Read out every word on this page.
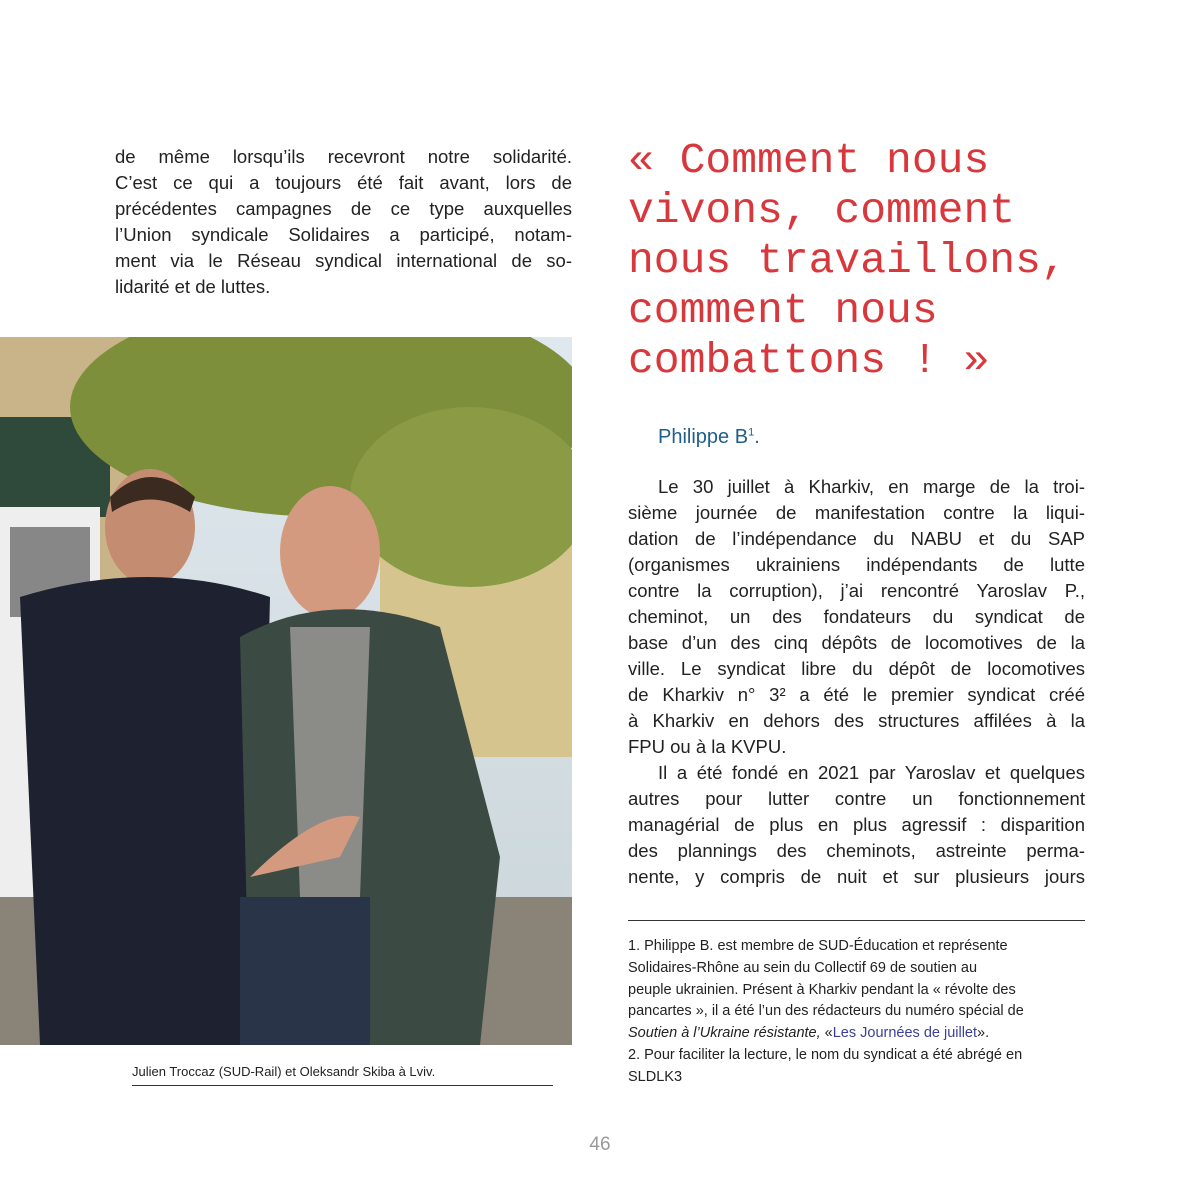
de même lorsqu’ils recevront notre solidarité.
C’est ce qui a toujours été fait avant, lors de
précédentes campagnes de ce type auxquelles
l’Union syndicale Solidaires a participé, notam-
ment via le Réseau syndical international de so-
lidarité et de luttes.
Julien Troccaz (SUD-Rail) et Oleksandr Skiba à Lviv.
« Comment nous
vivons, comment
nous travaillons,
comment nous
combattons ! »
Philippe $B^1$.
Le 30 juillet à Kharkiv, en marge de la troi-
sième journée de manifestation contre la liqui-
dation de l’indépendance du NABU et du SAP
(organismes ukrainiens indépendants de lutte
contre la corruption), j’ai rencontré Yaroslav P.,
cheminot, un des fondateurs du syndicat de
base d’un des cinq dépôts de locomotives de la
ville. Le syndicat libre du dépôt de locomotives
de Kharkiv n° 3² a été le premier syndicat créé
à Kharkiv en dehors des structures affilées à la
FPU ou à la KVPU.
Il a été fondé en 2021 par Yaroslav et quelques
autres pour lutter contre un fonctionnement
managérial de plus en plus agressif : disparition
des plannings des cheminots, astreinte perma-
nente, y compris de nuit et sur plusieurs jours
1. Philippe B. est membre de SUD-Éducation et représente
Solidaires-Rhône au sein du Collectif 69 de soutien au
peuple ukrainien. Présent à Kharkiv pendant la « révolte des
pancartes », il a été l’un des rédacteurs du numéro spécial de
Soutien à l’Ukraine résistante, «Les Journées de juillet».
2. Pour faciliter la lecture, le nom du syndicat a été abrégé en
SLDLK3
46
